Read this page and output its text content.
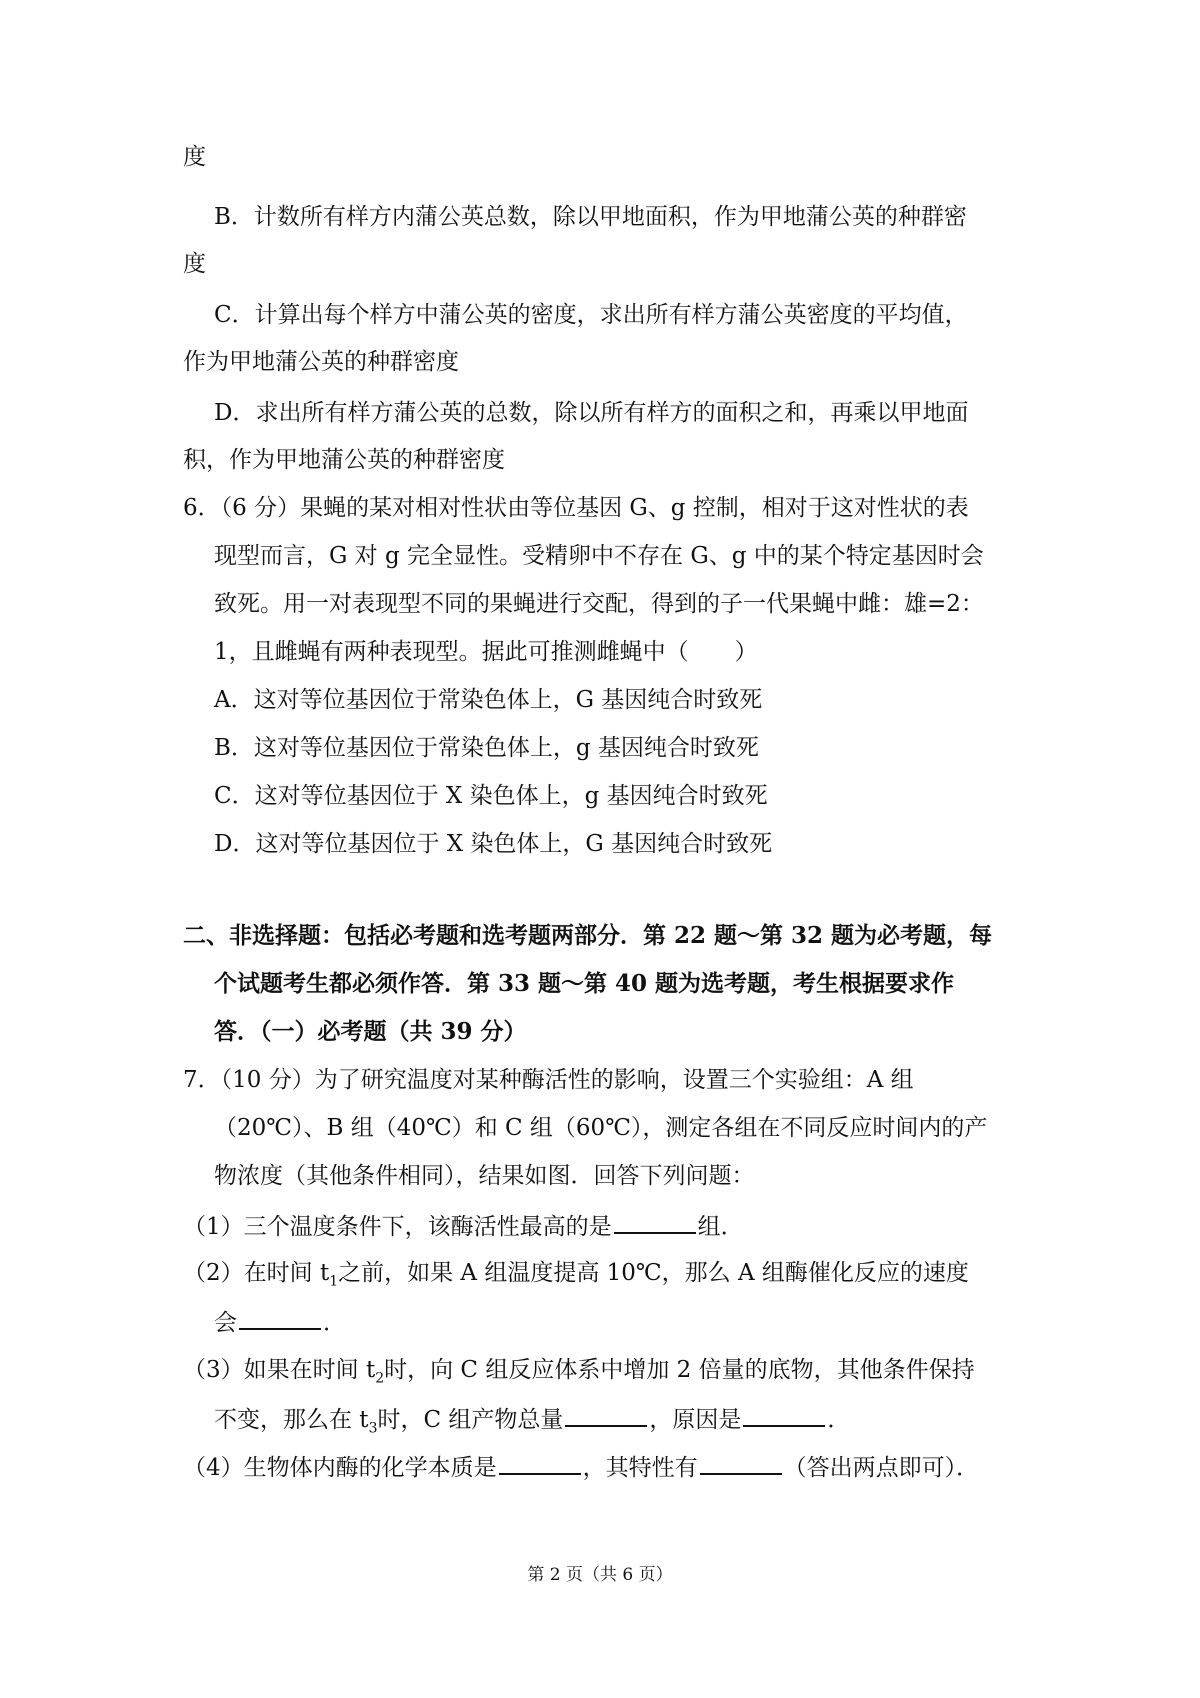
度
B．计数所有样方内蒲公英总数，除以甲地面积，作为甲地蒲公英的种群密
度
C．计算出每个样方中蒲公英的密度，求出所有样方蒲公英密度的平均值，
作为甲地蒲公英的种群密度
D．求出所有样方蒲公英的总数，除以所有样方的面积之和，再乘以甲地面
积，作为甲地蒲公英的种群密度
6．（6 分）果蝇的某对相对性状由等位基因 G、g 控制，相对于这对性状的表
现型而言，G 对 g 完全显性。受精卵中不存在 G、g 中的某个特定基因时会
致死。用一对表现型不同的果蝇进行交配，得到的子一代果蝇中雌：雄=2：
1，且雌蝇有两种表现型。据此可推测雌蝇中（　　）
A．这对等位基因位于常染色体上，G 基因纯合时致死
B．这对等位基因位于常染色体上，g 基因纯合时致死
C．这对等位基因位于 X 染色体上，g 基因纯合时致死
D．这对等位基因位于 X 染色体上，G 基因纯合时致死
二、非选择题：包括必考题和选考题两部分．第 22 题～第 32 题为必考题，每
个试题考生都必须作答．第 33 题～第 40 题为选考题，考生根据要求作
答．（一）必考题（共 39 分）
7．（10 分）为了研究温度对某种酶活性的影响，设置三个实验组：A 组
（20℃）、B 组（40℃）和 C 组（60℃），测定各组在不同反应时间内的产
物浓度（其他条件相同），结果如图．回答下列问题：
（1）三个温度条件下，该酶活性最高的是	组．
（2）在时间 $t_1$之前，如果 A 组温度提高 10℃，那么 A 组酶催化反应的速度
会	．
（3）如果在时间 $t_2$时，向 C 组反应体系中增加 2 倍量的底物，其他条件保持
不变，那么在 $t_3$时，C 组产物总量	，原因是	．
（4）生物体内酶的化学本质是	，其特性有	（答出两点即可）．
第 2 页（共 6 页）
